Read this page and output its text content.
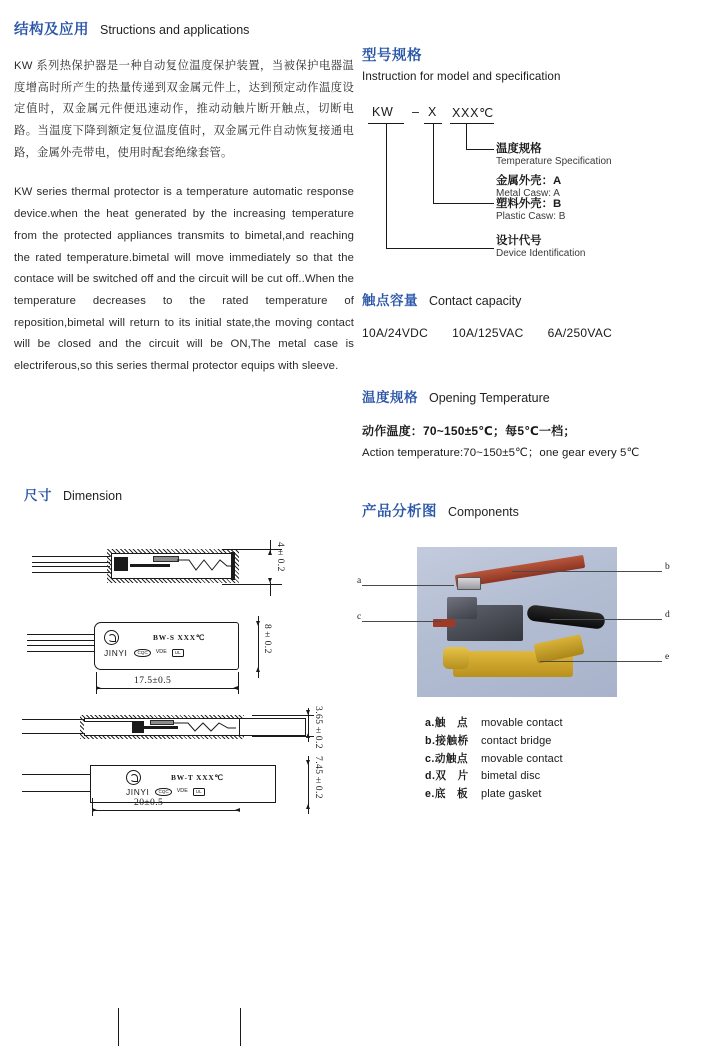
结构及应用 Structions and applications
KW 系列热保护器是一种自动复位温度保护装置，当被保护电器温度增高时所产生的热量传递到双金属元件上，达到预定动作温度设定值时，双金属元件便迅速动作，推动动触片断开触点，切断电路。当温度下降到额定复位温度值时，双金属元件自动恢复接通电路，金属外壳带电，使用时配套绝缘套管。
KW series thermal protector is a temperature automatic response device.when the heat generated by the increasing temperature from the protected appliances transmits to bimetal,and reaching the rated temperature.bimetal will move immediately so that the contace will be switched off and the circuit will be cut off..When the temperature decreases to the rated temperature of reposition,bimetal will return to its initial state,the moving contact will be closed and the circuit will be ON,The metal case is electriferous,so this series thermal protector equips with sleeve.
尺寸 Dimension
4±0.2
BW-S XXX℃
JINYI	CQC	VDE	UL	8±0.2
17.5±0.5
3.65±0.2
BW-T XXX℃
JINYI	CQC	VDE	UL	7.45±0.2
20±0.5
型号规格
Instruction for model and specification
KW – X XXX℃
温度规格
Temperature Specification
金属外壳：A
Metal Casw: A
塑料外壳：B
Plastic Casw: B
设计代号
Device Identification
触点容量 Contact capacity
10A/24VDC 10A/125VAC 6A/250VAC
温度规格 Opening Temperature
动作温度：70~150±5℃；每5℃一档；
Action temperature:70~150±5℃；one gear every 5℃
产品分析图 Components
a
b
c	d
e
a.触　点	movable contact
b.接触桥	contact bridge
c.动触点	movable contact
d.双　片	bimetal disc
e.底　板	plate gasket
